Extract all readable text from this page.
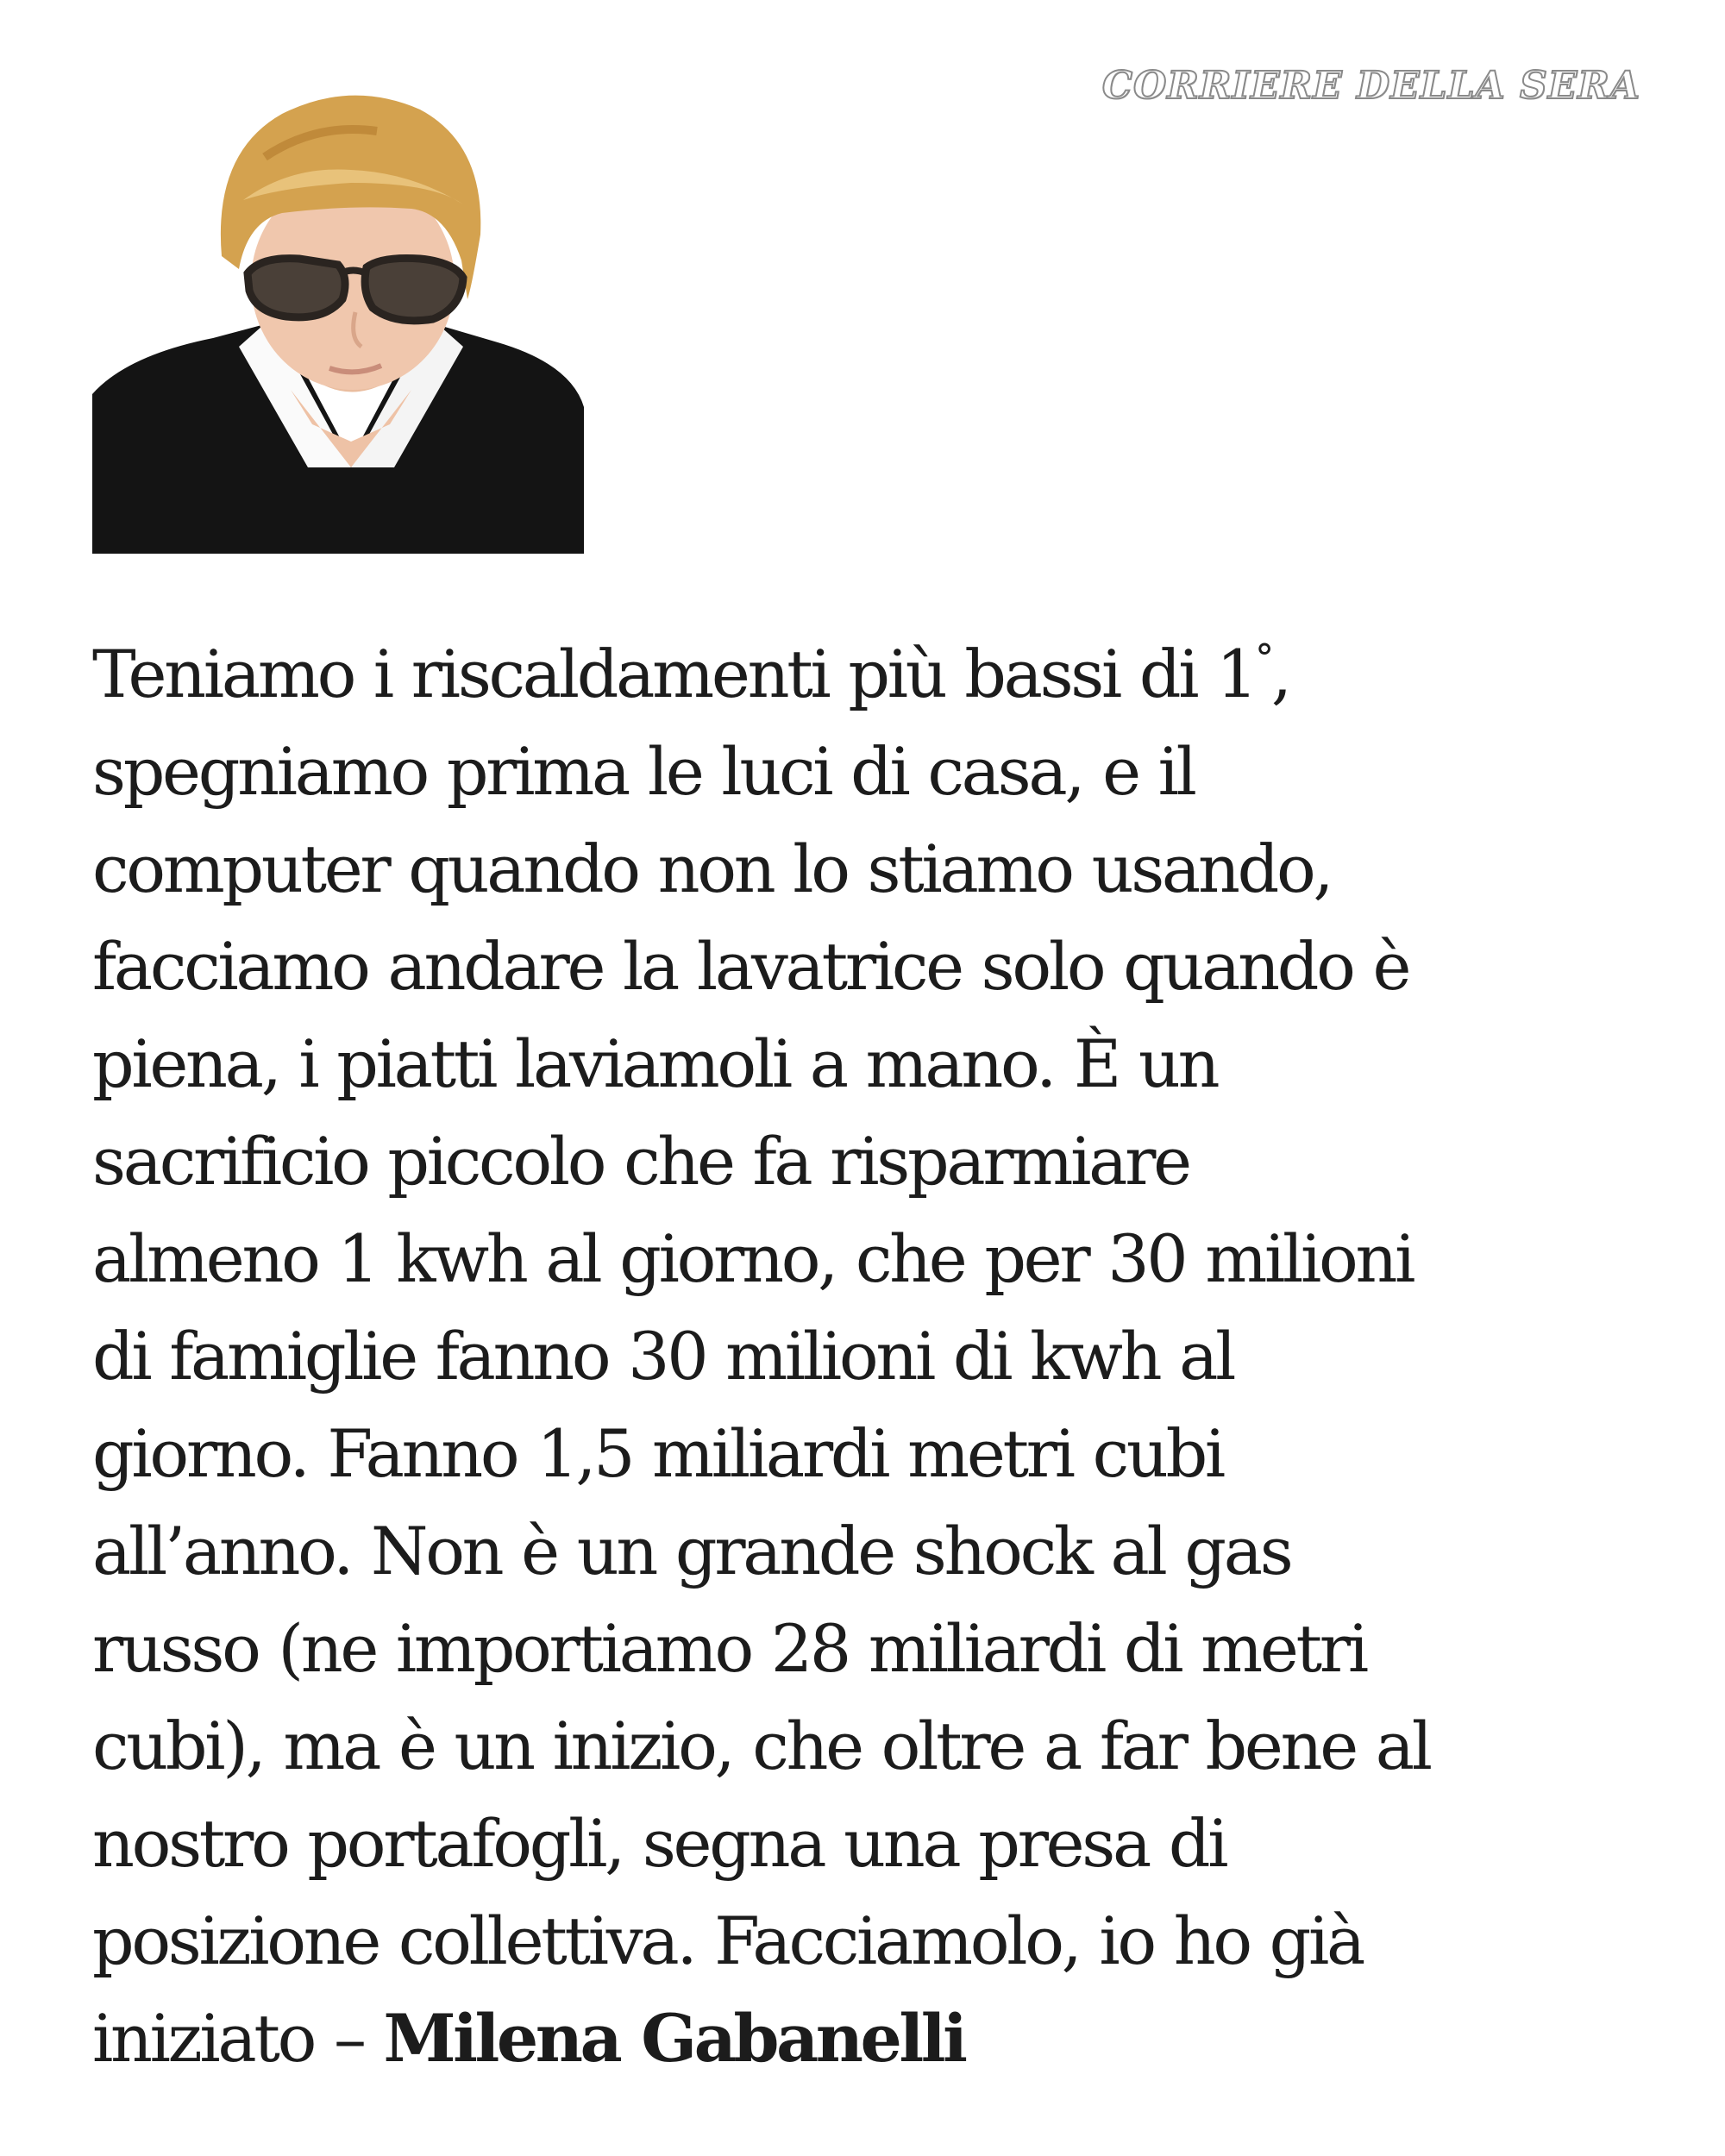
CORRIERE DELLA SERA

Teniamo i riscaldamenti più bassi di 1°,
spegniamo prima le luci di casa, e il
computer quando non lo stiamo usando,
facciamo andare la lavatrice solo quando è
piena, i piatti laviamoli a mano. È un
sacrificio piccolo che fa risparmiare
almeno 1 kwh al giorno, che per 30 milioni
di famiglie fanno 30 milioni di kwh al
giorno. Fanno 1,5 miliardi metri cubi
all’anno. Non è un grande shock al gas
russo (ne importiamo 28 miliardi di metri
cubi), ma è un inizio, che oltre a far bene al
nostro portafogli, segna una presa di
posizione collettiva. Facciamolo, io ho già
iniziato – Milena Gabanelli
